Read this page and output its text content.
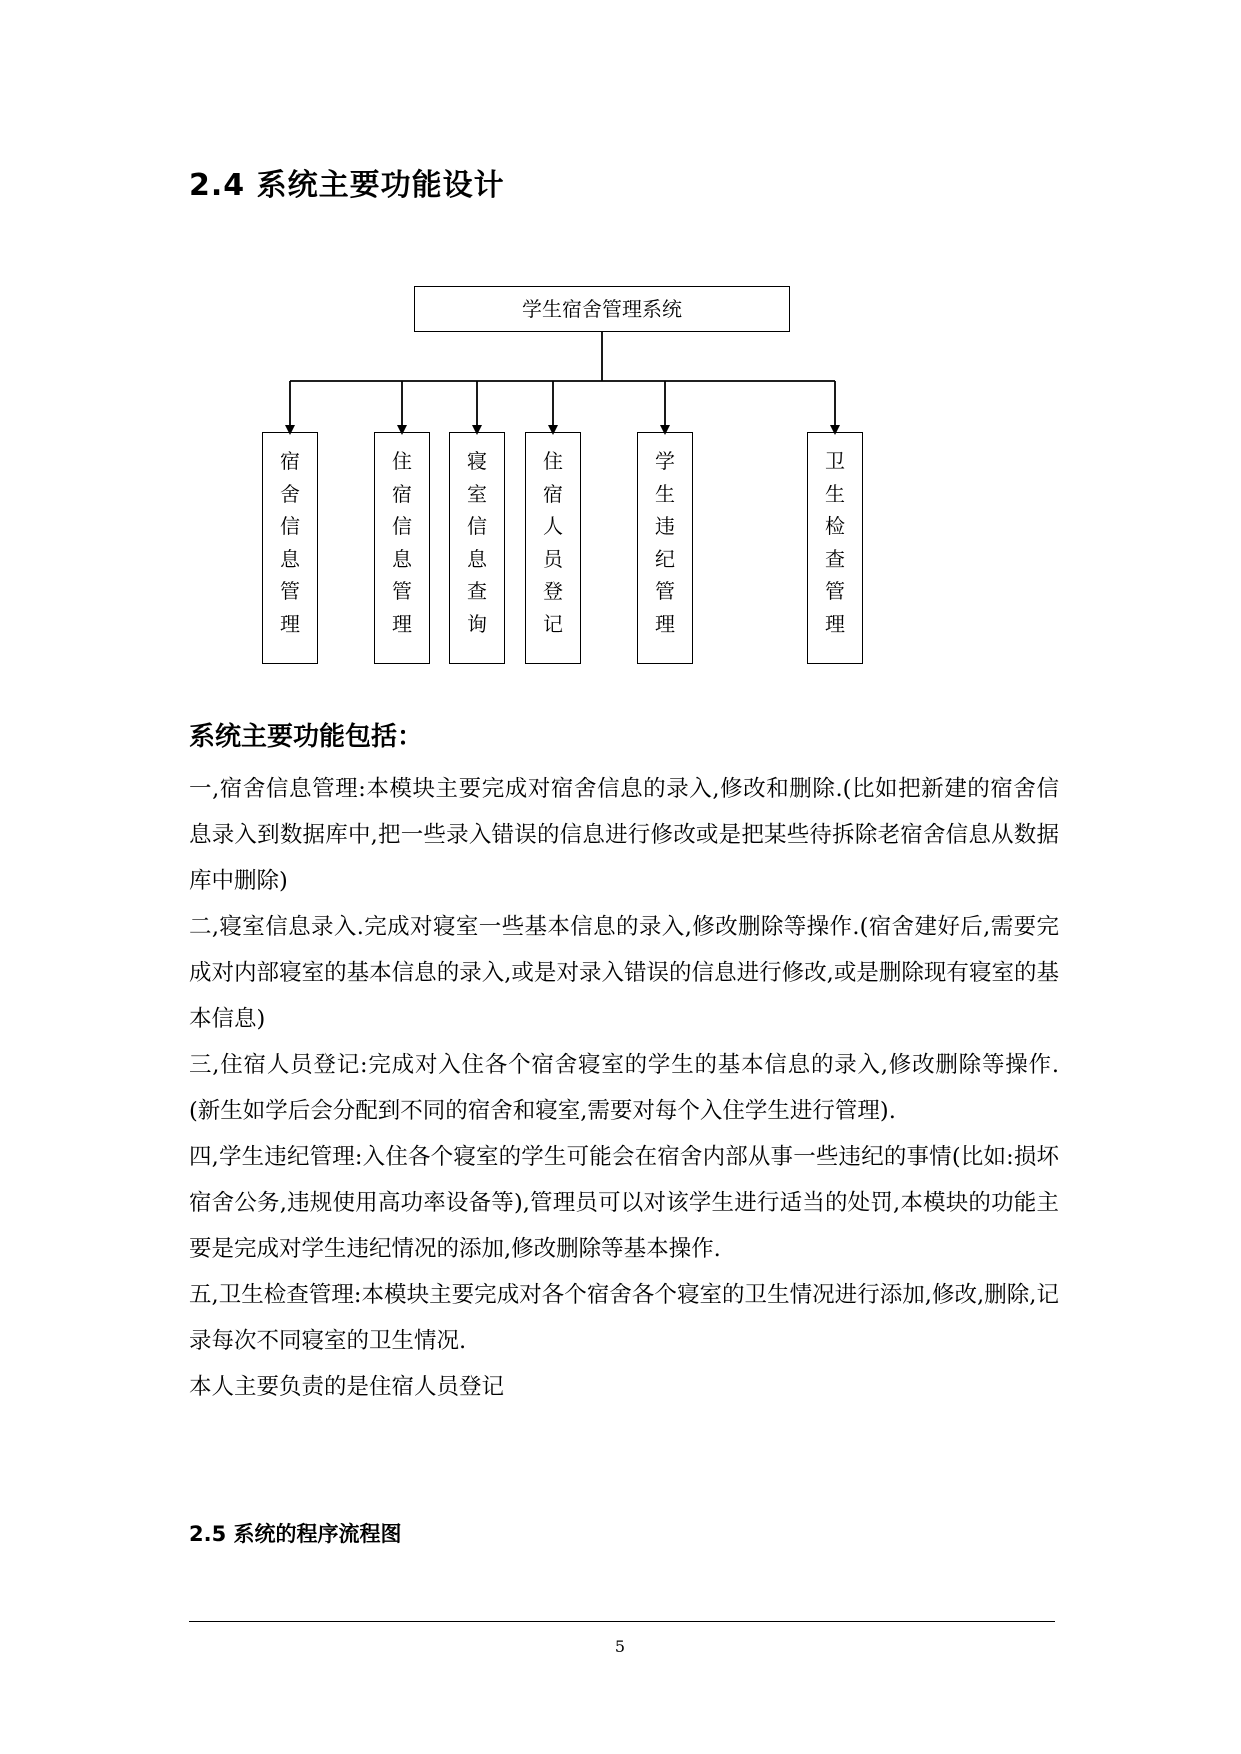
2.4 系统主要功能设计
学生宿舍管理系统
宿
舍
信
息
管
理
住
宿
信
息
管
理
寝
室
信
息
查
询
住
宿
人
员
登
记
学
生
违
纪
管
理
卫
生
检
查
管
理
系统主要功能包括：

一,宿舍信息管理:本模块主要完成对宿舍信息的录入,修改和删除.(比如把新建的宿舍信息录入到数据库中,把一些录入错误的信息进行修改或是把某些待拆除老宿舍信息从数据库中删除)

二,寝室信息录入.完成对寝室一些基本信息的录入,修改删除等操作.(宿舍建好后,需要完成对内部寝室的基本信息的录入,或是对录入错误的信息进行修改,或是删除现有寝室的基本信息)

三,住宿人员登记:完成对入住各个宿舍寝室的学生的基本信息的录入,修改删除等操作.(新生如学后会分配到不同的宿舍和寝室,需要对每个入住学生进行管理).

四,学生违纪管理:入住各个寝室的学生可能会在宿舍内部从事一些违纪的事情(比如:损坏宿舍公务,违规使用高功率设备等),管理员可以对该学生进行适当的处罚,本模块的功能主要是完成对学生违纪情况的添加,修改删除等基本操作.

五,卫生检查管理:本模块主要完成对各个宿舍各个寝室的卫生情况进行添加,修改,删除,记录每次不同寝室的卫生情况.

本人主要负责的是住宿人员登记

2.5 系统的程序流程图
5
